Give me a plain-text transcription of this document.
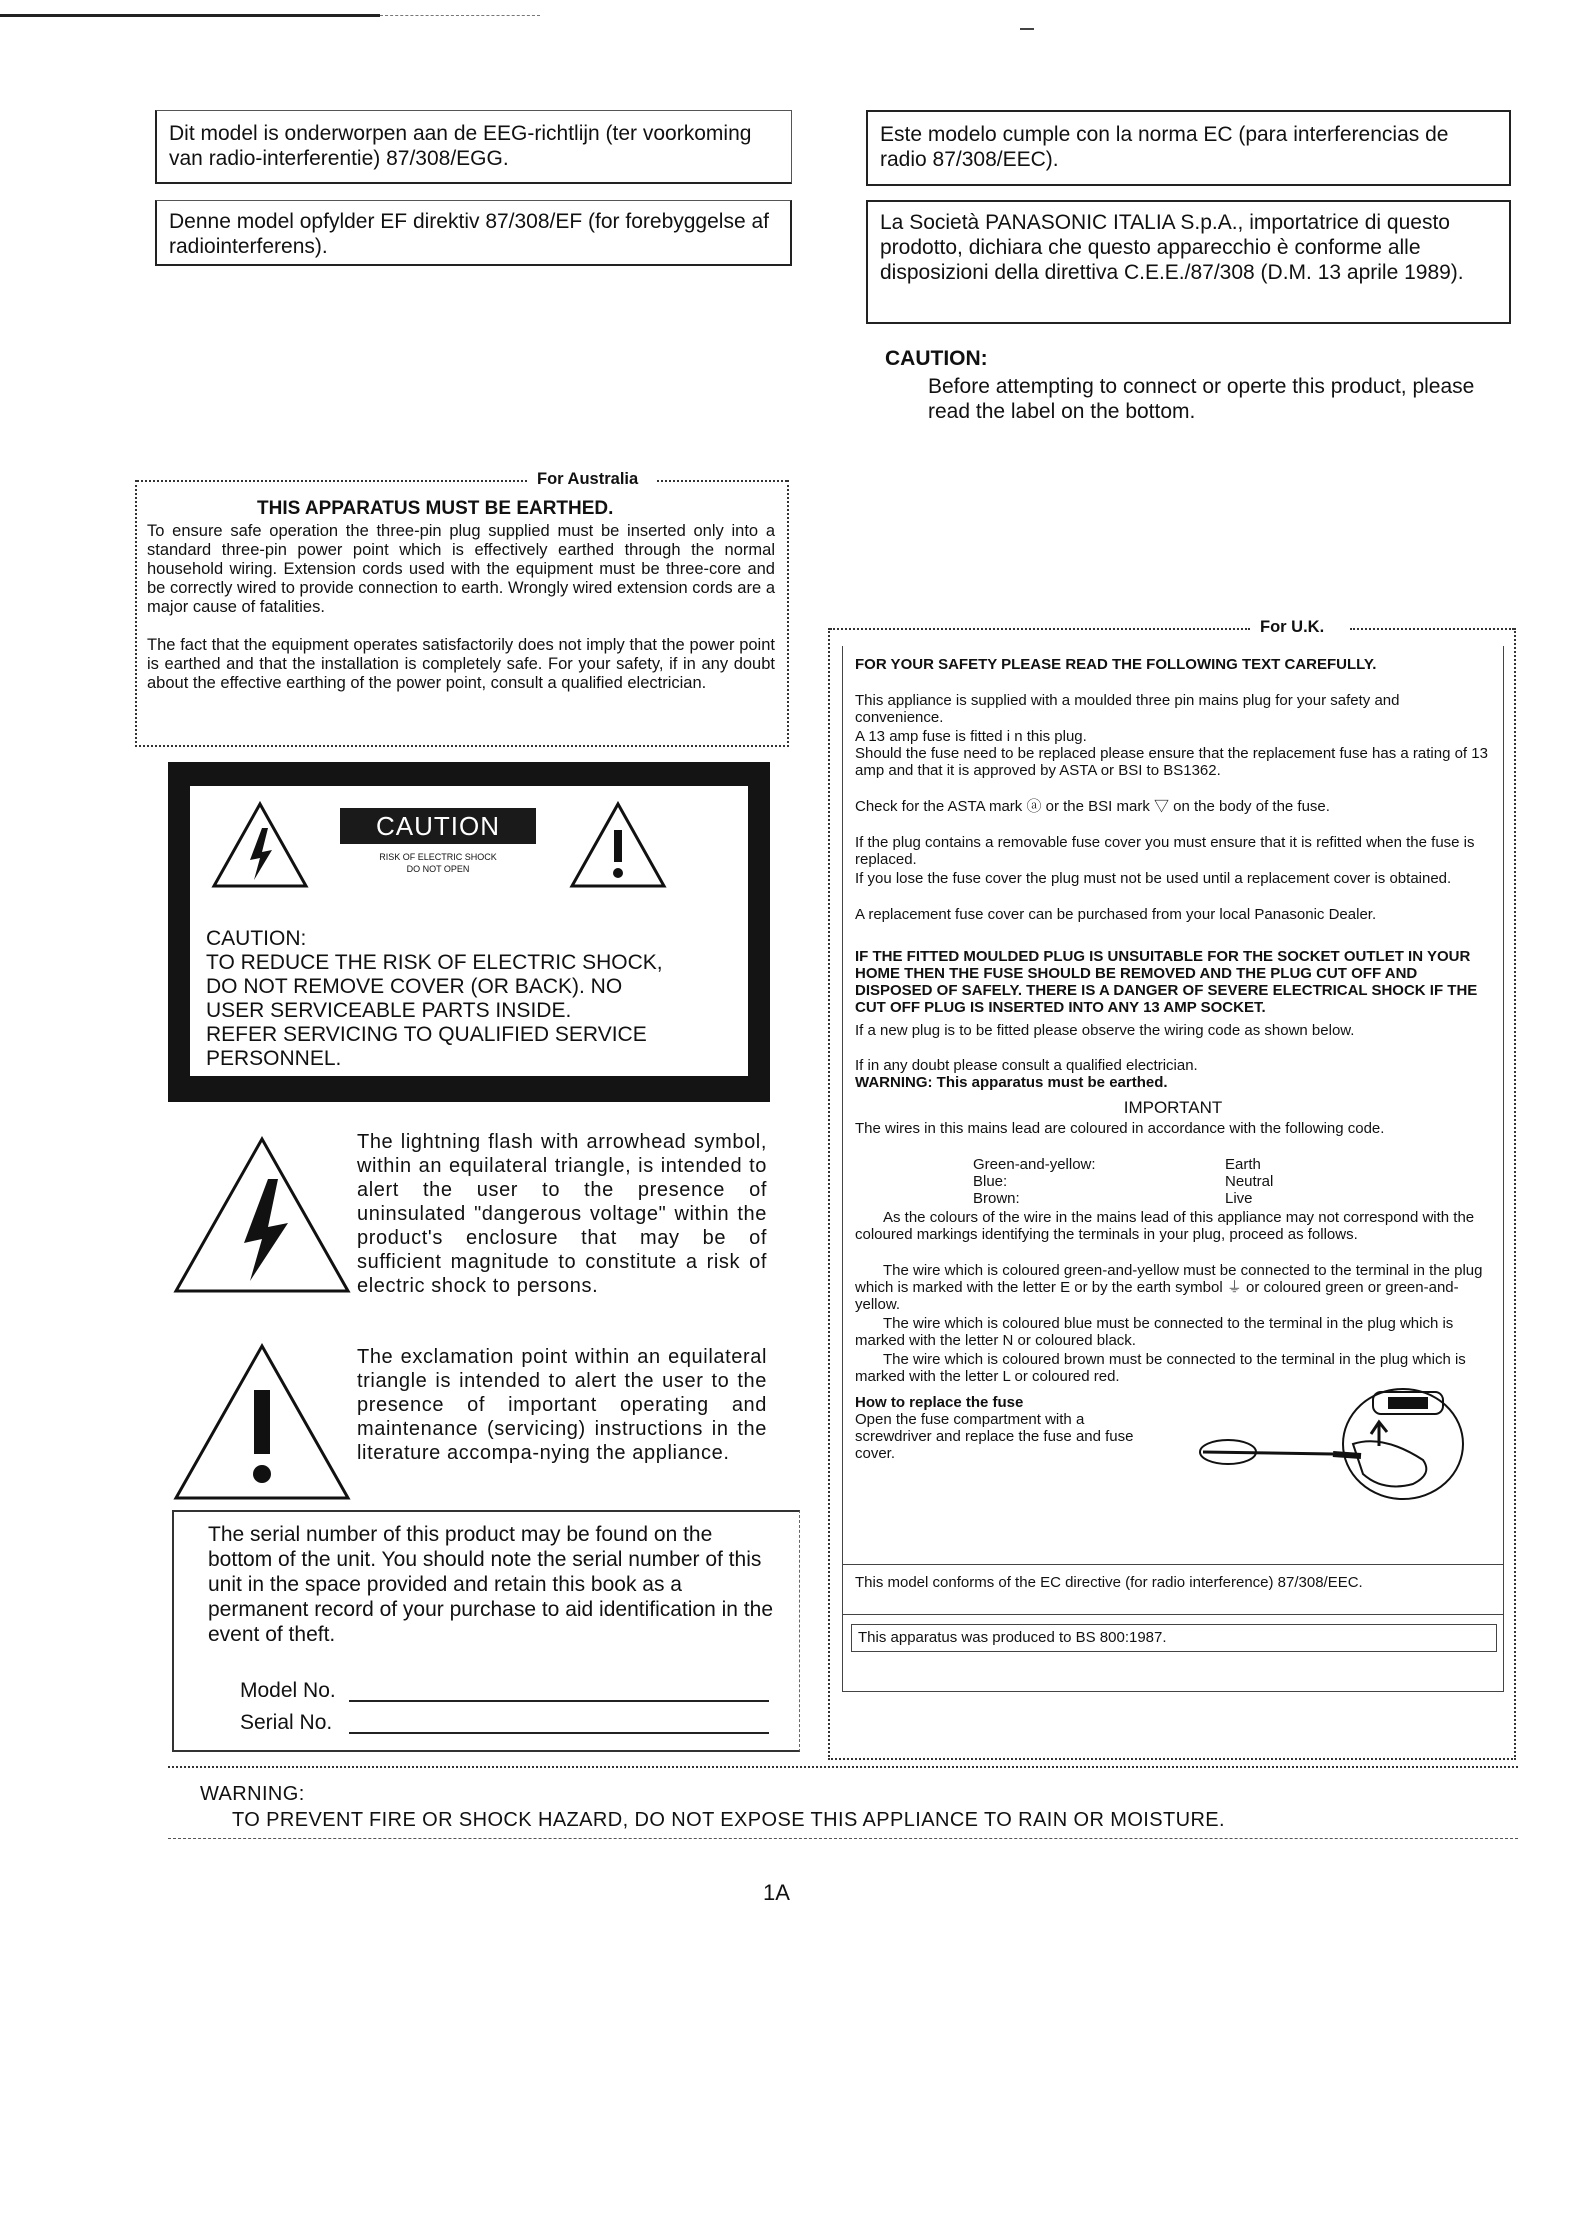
Dit model is onderworpen aan de EEG-richtlijn (ter voorkoming van radio-interferentie) 87/308/EGG.
Denne model opfylder EF direktiv 87/308/EF (for forebyggelse af radiointerferens).
Este modelo cumple con la norma EC (para interferencias de radio 87/308/EEC).
La Società PANASONIC ITALIA S.p.A., importatrice di questo prodotto, dichiara che questo apparecchio è conforme alle disposizioni della direttiva C.E.E./87/308 (D.M. 13 aprile 1989).
CAUTION:
Before attempting to connect or operte this product, please read the label on the bottom.
For Australia
THIS APPARATUS MUST BE EARTHED.
To ensure safe operation the three-pin plug supplied must be inserted only into a standard three-pin power point which is effectively earthed through the normal household wiring. Extension cords used with the equipment must be three-core and be correctly wired to provide connection to earth. Wrongly wired extension cords are a major cause of fatalities.
The fact that the equipment operates satisfactorily does not imply that the power point is earthed and that the installation is completely safe. For your safety, if in any doubt about the effective earthing of the power point, consult a qualified electrician.
CAUTION
RISK OF ELECTRIC SHOCK
DO NOT OPEN
CAUTION:
TO REDUCE THE RISK OF ELECTRIC SHOCK,
DO NOT REMOVE COVER (OR BACK). NO
USER SERVICEABLE PARTS INSIDE.
REFER SERVICING TO QUALIFIED SERVICE
PERSONNEL.
The lightning flash with arrowhead symbol, within an equilateral triangle, is intended to alert the user to the presence of uninsulated "dangerous voltage" within the product's enclosure that may be of sufficient magnitude to constitute a risk of electric shock to persons.
The exclamation point within an equilateral triangle is intended to alert the user to the presence of important operating and maintenance (servicing) instructions in the literature accompa-nying the appliance.
The serial number of this product may be found on the bottom of the unit. You should note the serial number of this unit in the space provided and retain this book as a permanent record of your purchase to aid identification in the event of theft.
Model No.
Serial No.
For U.K.
FOR YOUR SAFETY PLEASE READ THE FOLLOWING TEXT CAREFULLY.
This appliance is supplied with a moulded three pin mains plug for your safety and convenience.
A 13 amp fuse is fitted i n this plug.
Should the fuse need to be replaced please ensure that the replacement fuse has a rating of 13 amp and that it is approved by ASTA or BSI to BS1362.
Check for the ASTA mark ⓐ or the BSI mark ▽ on the body of the fuse.
If the plug contains a removable fuse cover you must ensure that it is refitted when the fuse is replaced.
If you lose the fuse cover the plug must not be used until a replacement cover is obtained.
A replacement fuse cover can be purchased from your local Panasonic Dealer.
IF THE FITTED MOULDED PLUG IS UNSUITABLE FOR THE SOCKET OUTLET IN YOUR HOME THEN THE FUSE SHOULD BE REMOVED AND THE PLUG CUT OFF AND DISPOSED OF SAFELY. THERE IS A DANGER OF SEVERE ELECTRICAL SHOCK IF THE CUT OFF PLUG IS INSERTED INTO ANY 13 AMP SOCKET.
If a new plug is to be fitted please observe the wiring code as shown below.
If in any doubt please consult a qualified electrician.
WARNING: This apparatus must be earthed.
IMPORTANT
The wires in this mains lead are coloured in accordance with the following code.
Green-and-yellow:	Earth
Blue:	Neutral
Brown:	Live
As the colours of the wire in the mains lead of this appliance may not correspond with the coloured markings identifying the terminals in your plug, proceed as follows.
The wire which is coloured green-and-yellow must be connected to the terminal in the plug which is marked with the letter E or by the earth symbol ⏚ or coloured green or green-and-yellow.
The wire which is coloured blue must be connected to the terminal in the plug which is marked with the letter N or coloured black.
The wire which is coloured brown must be connected to the terminal in the plug which is marked with the letter L or coloured red.
How to replace the fuse
Open the fuse compartment with a screwdriver and replace the fuse and fuse cover.
This model conforms of the EC directive (for radio interference) 87/308/EEC.
This apparatus was produced to BS 800:1987.
WARNING:
TO PREVENT FIRE OR SHOCK HAZARD, DO NOT EXPOSE THIS APPLIANCE TO RAIN OR MOISTURE.
1A
